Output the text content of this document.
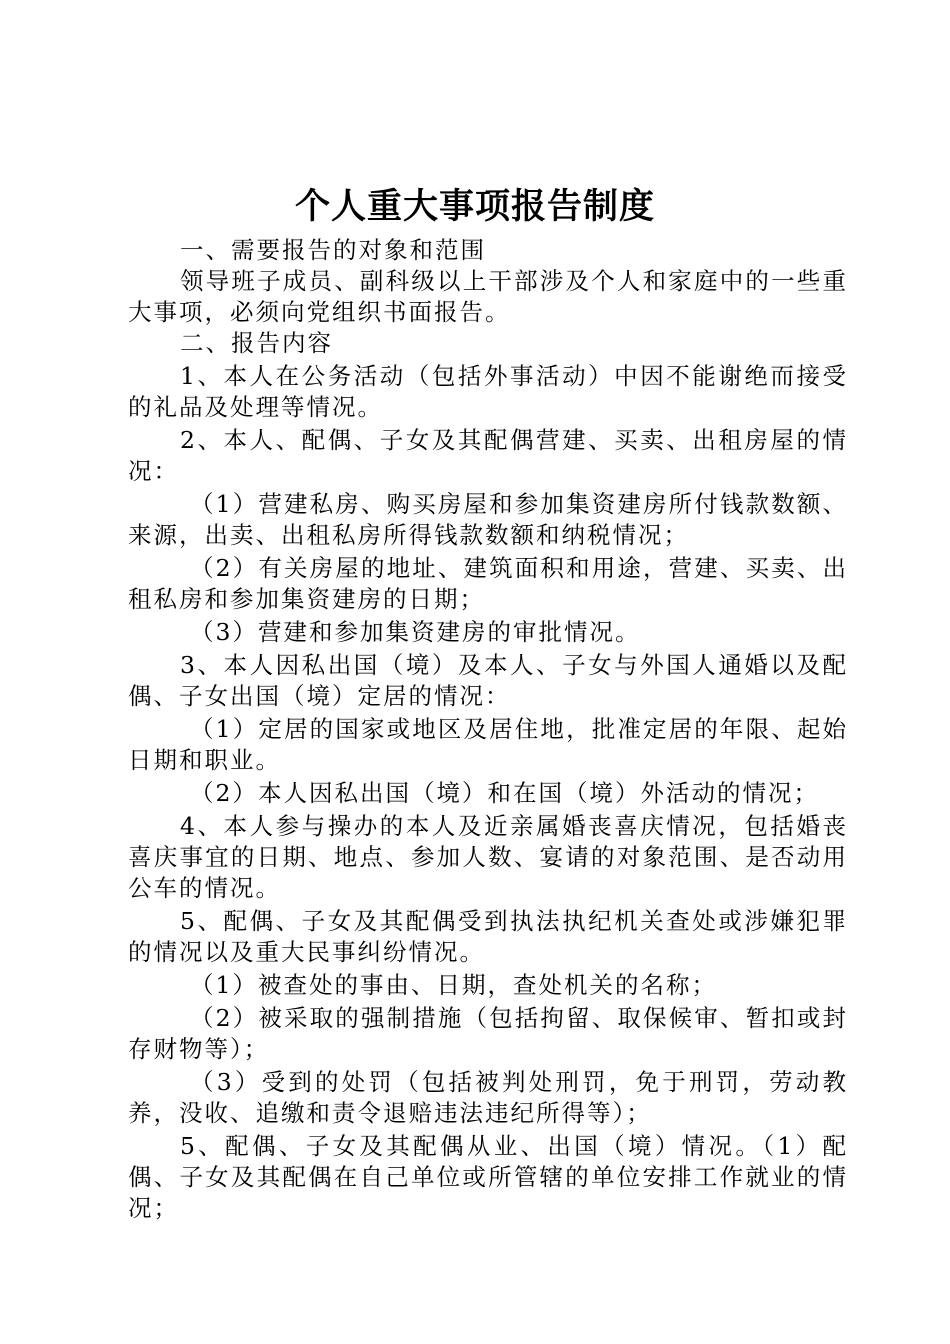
个人重大事项报告制度

一、需要报告的对象和范围

领导班子成员、副科级以上干部涉及个人和家庭中的一些重大事项，必须向党组织书面报告。

二、报告内容

1、本人在公务活动（包括外事活动）中因不能谢绝而接受的礼品及处理等情况。

2、本人、配偶、子女及其配偶营建、买卖、出租房屋的情况：

（1）营建私房、购买房屋和参加集资建房所付钱款数额、来源，出卖、出租私房所得钱款数额和纳税情况；

（2）有关房屋的地址、建筑面积和用途，营建、买卖、出租私房和参加集资建房的日期；

（3）营建和参加集资建房的审批情况。

3、本人因私出国（境）及本人、子女与外国人通婚以及配偶、子女出国（境）定居的情况：

（1）定居的国家或地区及居住地，批准定居的年限、起始日期和职业。

（2）本人因私出国（境）和在国（境）外活动的情况；

4、本人参与操办的本人及近亲属婚丧喜庆情况，包括婚丧喜庆事宜的日期、地点、参加人数、宴请的对象范围、是否动用公车的情况。

5、配偶、子女及其配偶受到执法执纪机关查处或涉嫌犯罪的情况以及重大民事纠纷情况。

（1）被查处的事由、日期，查处机关的名称；

（2）被采取的强制措施（包括拘留、取保候审、暂扣或封存财物等）；

（3）受到的处罚（包括被判处刑罚，免于刑罚，劳动教养，没收、追缴和责令退赔违法违纪所得等）；

5、配偶、子女及其配偶从业、出国（境）情况。（1）配偶、子女及其配偶在自己单位或所管辖的单位安排工作就业的情况；
